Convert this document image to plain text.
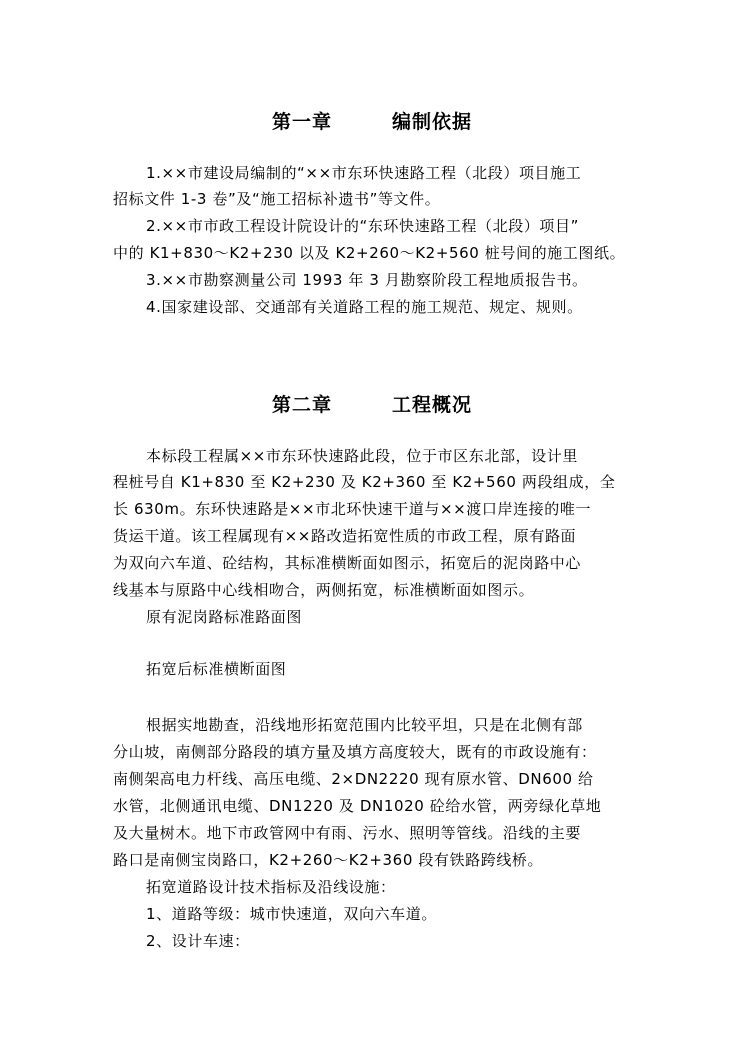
第一章	编制依据
1.××市建设局编制的“××市东环快速路工程（北段）项目施工
招标文件 1-3 卷”及“施工招标补遗书”等文件。
2.××市市政工程设计院设计的“东环快速路工程（北段）项目”
中的 K1+830～K2+230 以及 K2+260～K2+560 桩号间的施工图纸。
3.××市勘察测量公司 1993 年 3 月勘察阶段工程地质报告书。
4.国家建设部、交通部有关道路工程的施工规范、规定、规则。
第二章	工程概况
本标段工程属××市东环快速路此段，位于市区东北部，设计里
程桩号自 K1+830 至 K2+230 及 K2+360 至 K2+560 两段组成，全
长 630m。东环快速路是××市北环快速干道与××渡口岸连接的唯一
货运干道。该工程属现有××路改造拓宽性质的市政工程，原有路面
为双向六车道、砼结构，其标准横断面如图示，拓宽后的泥岗路中心
线基本与原路中心线相吻合，两侧拓宽，标准横断面如图示。
原有泥岗路标准路面图
拓宽后标准横断面图
根据实地勘查，沿线地形拓宽范围内比较平坦，只是在北侧有部
分山坡，南侧部分路段的填方量及填方高度较大，既有的市政设施有：
南侧架高电力杆线、高压电缆、2×DN2220 现有原水管、DN600 给
水管，北侧通讯电缆、DN1220 及 DN1020 砼给水管，两旁绿化草地
及大量树木。地下市政管网中有雨、污水、照明等管线。沿线的主要
路口是南侧宝岗路口，K2+260～K2+360 段有铁路跨线桥。
拓宽道路设计技术指标及沿线设施：
1、道路等级：城市快速道，双向六车道。
2、设计车速：
